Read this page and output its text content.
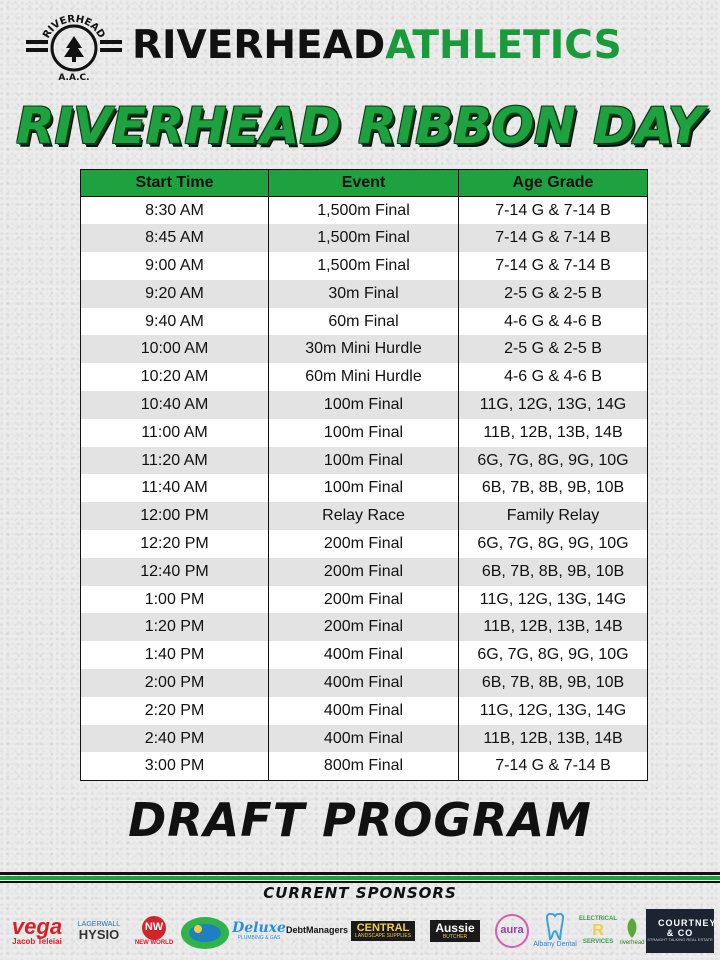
RIVERHEAD
A.A.C.
RIVERHEADATHLETICS
RIVERHEAD RIBBON DAY
Start Time	Event	Age Grade
8:30 AM	1,500m Final	7-14 G & 7-14 B
8:45 AM	1,500m Final	7-14 G & 7-14 B
9:00 AM	1,500m Final	7-14 G & 7-14 B
9:20 AM	30m Final	2-5 G & 2-5 B
9:40 AM	60m Final	4-6 G & 4-6 B
10:00 AM	30m Mini Hurdle	2-5 G & 2-5 B
10:20 AM	60m Mini Hurdle	4-6 G & 4-6 B
10:40 AM	100m Final	11G, 12G, 13G, 14G
11:00 AM	100m Final	11B, 12B, 13B, 14B
11:20 AM	100m Final	6G, 7G, 8G, 9G, 10G
11:40 AM	100m Final	6B, 7B, 8B, 9B, 10B
12:00 PM	Relay Race	Family Relay
12:20 PM	200m Final	6G, 7G, 8G, 9G, 10G
12:40 PM	200m Final	6B, 7B, 8B, 9B, 10B
1:00 PM	200m Final	11G, 12G, 13G, 14G
1:20 PM	200m Final	11B, 12B, 13B, 14B
1:40 PM	400m Final	6G, 7G, 8G, 9G, 10G
2:00 PM	400m Final	6B, 7B, 8B, 9B, 10B
2:20 PM	400m Final	11G, 12G, 13G, 14G
2:40 PM	400m Final	11B, 12B, 13B, 14B
3:00 PM	800m Final	7-14 G & 7-14 B
DRAFT PROGRAM
CURRENT SPONSORS
vega
Jacob Teleiai
LAGERWALL
HYSIO NW
NEW WORLD
Deluxe
PLUMBING & GAS
DebtManagers CENTRAL
LANDSCAPE SUPPLIES
Aussie
BUTCHER
aura
Albany Dental
ELECTRICAL
R
SERVICES riverhead
COURTNEY & CO
STRAIGHT TALKING REAL ESTATE
